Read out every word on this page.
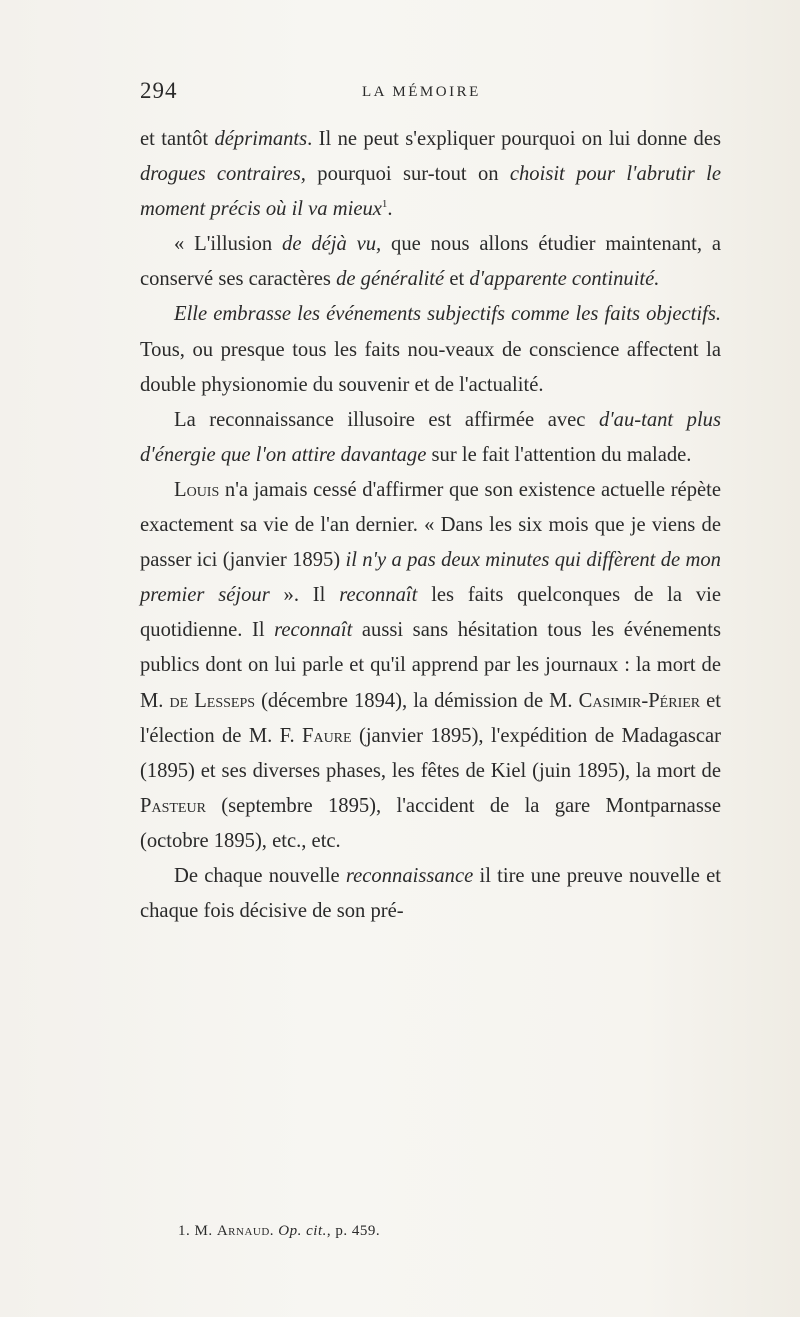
294	LA MÉMOIRE

et tantôt déprimants. Il ne peut s'expliquer pourquoi on lui donne des drogues contraires, pourquoi sur-tout on choisit pour l'abrutir le moment précis où il va mieux$^1$.

« L'illusion de déjà vu, que nous allons étudier maintenant, a conservé ses caractères de généralité et d'apparente continuité.

Elle embrasse les événements subjectifs comme les faits objectifs. Tous, ou presque tous les faits nou-veaux de conscience affectent la double physionomie du souvenir et de l'actualité.

La reconnaissance illusoire est affirmée avec d'au-tant plus d'énergie que l'on attire davantage sur le fait l'attention du malade.

Louis n'a jamais cessé d'affirmer que son existence actuelle répète exactement sa vie de l'an dernier. « Dans les six mois que je viens de passer ici (janvier 1895) il n'y a pas deux minutes qui diffèrent de mon premier séjour ». Il reconnaît les faits quelconques de la vie quotidienne. Il reconnaît aussi sans hésitation tous les événements publics dont on lui parle et qu'il apprend par les journaux : la mort de M. de Lesseps (décembre 1894), la démission de M. Casimir-Périer et l'élection de M. F. Faure (janvier 1895), l'expédition de Madagascar (1895) et ses diverses phases, les fêtes de Kiel (juin 1895), la mort de Pasteur (septembre 1895), l'accident de la gare Montparnasse (octobre 1895), etc., etc.

De chaque nouvelle reconnaissance il tire une preuve nouvelle et chaque fois décisive de son pré-

1. M. Arnaud. Op. cit., p. 459.
